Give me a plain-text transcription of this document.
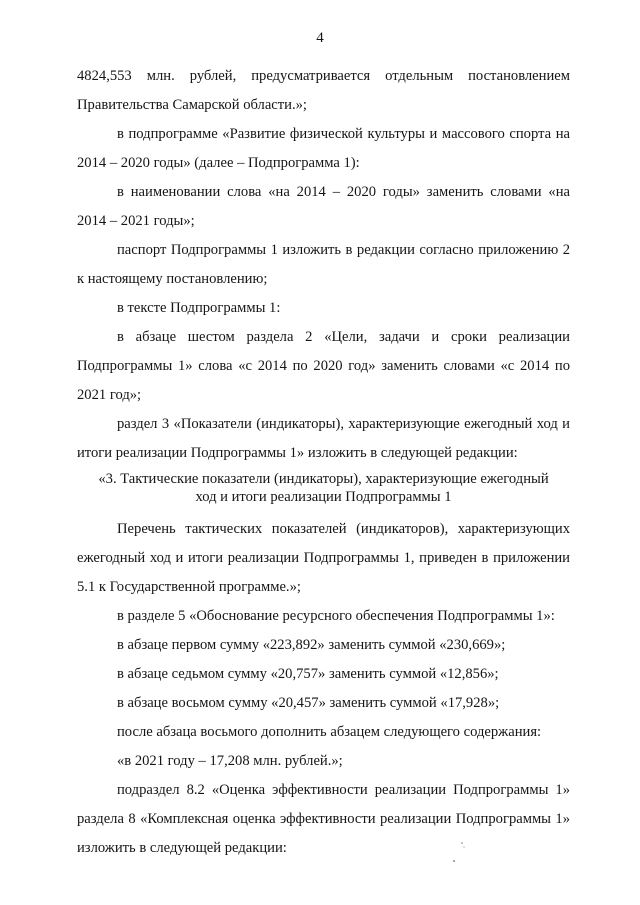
4

4824,553 млн. рублей, предусматривается отдельным постановлением Правительства Самарской области.»;

в подпрограмме «Развитие физической культуры и массового спорта на 2014 – 2020 годы» (далее – Подпрограмма 1):

в наименовании слова «на 2014 – 2020 годы» заменить словами «на 2014 – 2021 годы»;

паспорт Подпрограммы 1 изложить в редакции согласно приложению 2 к настоящему постановлению;

в тексте Подпрограммы 1:

в абзаце шестом раздела 2 «Цели, задачи и сроки реализации Подпрограммы 1» слова «с 2014 по 2020 год» заменить словами «с 2014 по 2021 год»;

раздел 3 «Показатели (индикаторы), характеризующие ежегодный ход и итоги реализации Подпрограммы 1» изложить в следующей редакции:

«3. Тактические показатели (индикаторы), характеризующие ежегодный
ход и итоги реализации Подпрограммы 1

Перечень тактических показателей (индикаторов), характеризующих ежегодный ход и итоги реализации Подпрограммы 1, приведен в приложении 5.1 к Государственной программе.»;

в разделе 5 «Обоснование ресурсного обеспечения Подпрограммы 1»:

в абзаце первом сумму «223,892» заменить суммой «230,669»;

в абзаце седьмом сумму «20,757» заменить суммой «12,856»;

в абзаце восьмом сумму «20,457» заменить суммой «17,928»;

после абзаца восьмого дополнить абзацем следующего содержания:

«в 2021 году – 17,208 млн. рублей.»;

подраздел 8.2 «Оценка эффективности реализации Подпрограммы 1» раздела 8 «Комплексная оценка эффективности реализации Подпрограммы 1» изложить в следующей редакции:
